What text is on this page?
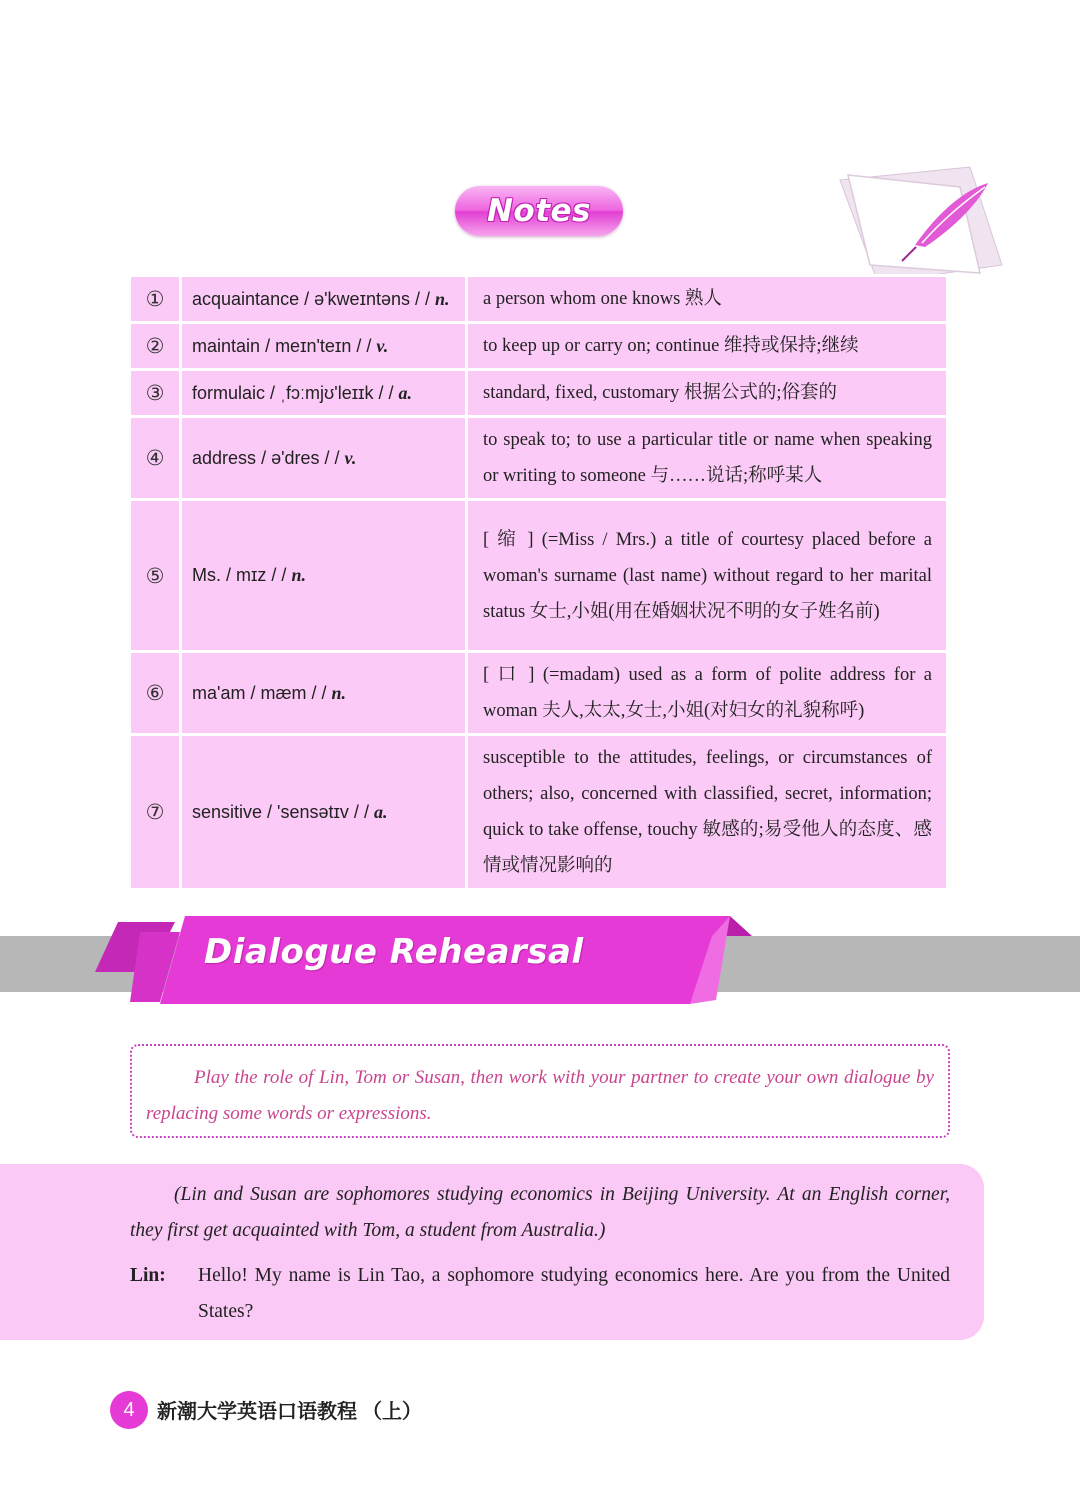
Notes
①	acquaintance / ə'kweɪntəns / / n.	a person whom one knows 熟人
②	maintain / meɪn'teɪn / / v.	to keep up or carry on; continue 维持或保持;继续
③	formulaic / ˌfɔːmjʊ'leɪɪk / / a.	standard, fixed, customary 根据公式的;俗套的
④	address / ə'dres / / v.	to speak to; to use a particular title or name when speaking or writing to someone 与……说话;称呼某人
⑤	Ms. / mɪz / / n.	[ 缩 ] (=Miss / Mrs.) a title of courtesy placed before a woman's surname (last name) without regard to her marital status 女士,小姐(用在婚姻状况不明的女子姓名前)
⑥	ma'am / mæm / / n.	[ 口 ] (=madam) used as a form of polite address for a woman 夫人,太太,女士,小姐(对妇女的礼貌称呼)
⑦	sensitive / 'sensətɪv / / a.	susceptible to the attitudes, feelings, or circumstances of others; also, concerned with classified, secret, information; quick to take offense, touchy 敏感的;易受他人的态度、感情或情况影响的
Dialogue Rehearsal

Play the role of Lin, Tom or Susan, then work with your partner to create your own dialogue by replacing some words or expressions.

(Lin and Susan are sophomores studying economics in Beijing University. At an English corner, they first get acquainted with Tom, a student from Australia.)

Lin: Hello! My name is Lin Tao, a sophomore studying economics here. Are you from the United States?

4	新潮大学英语口语教程 （上）
